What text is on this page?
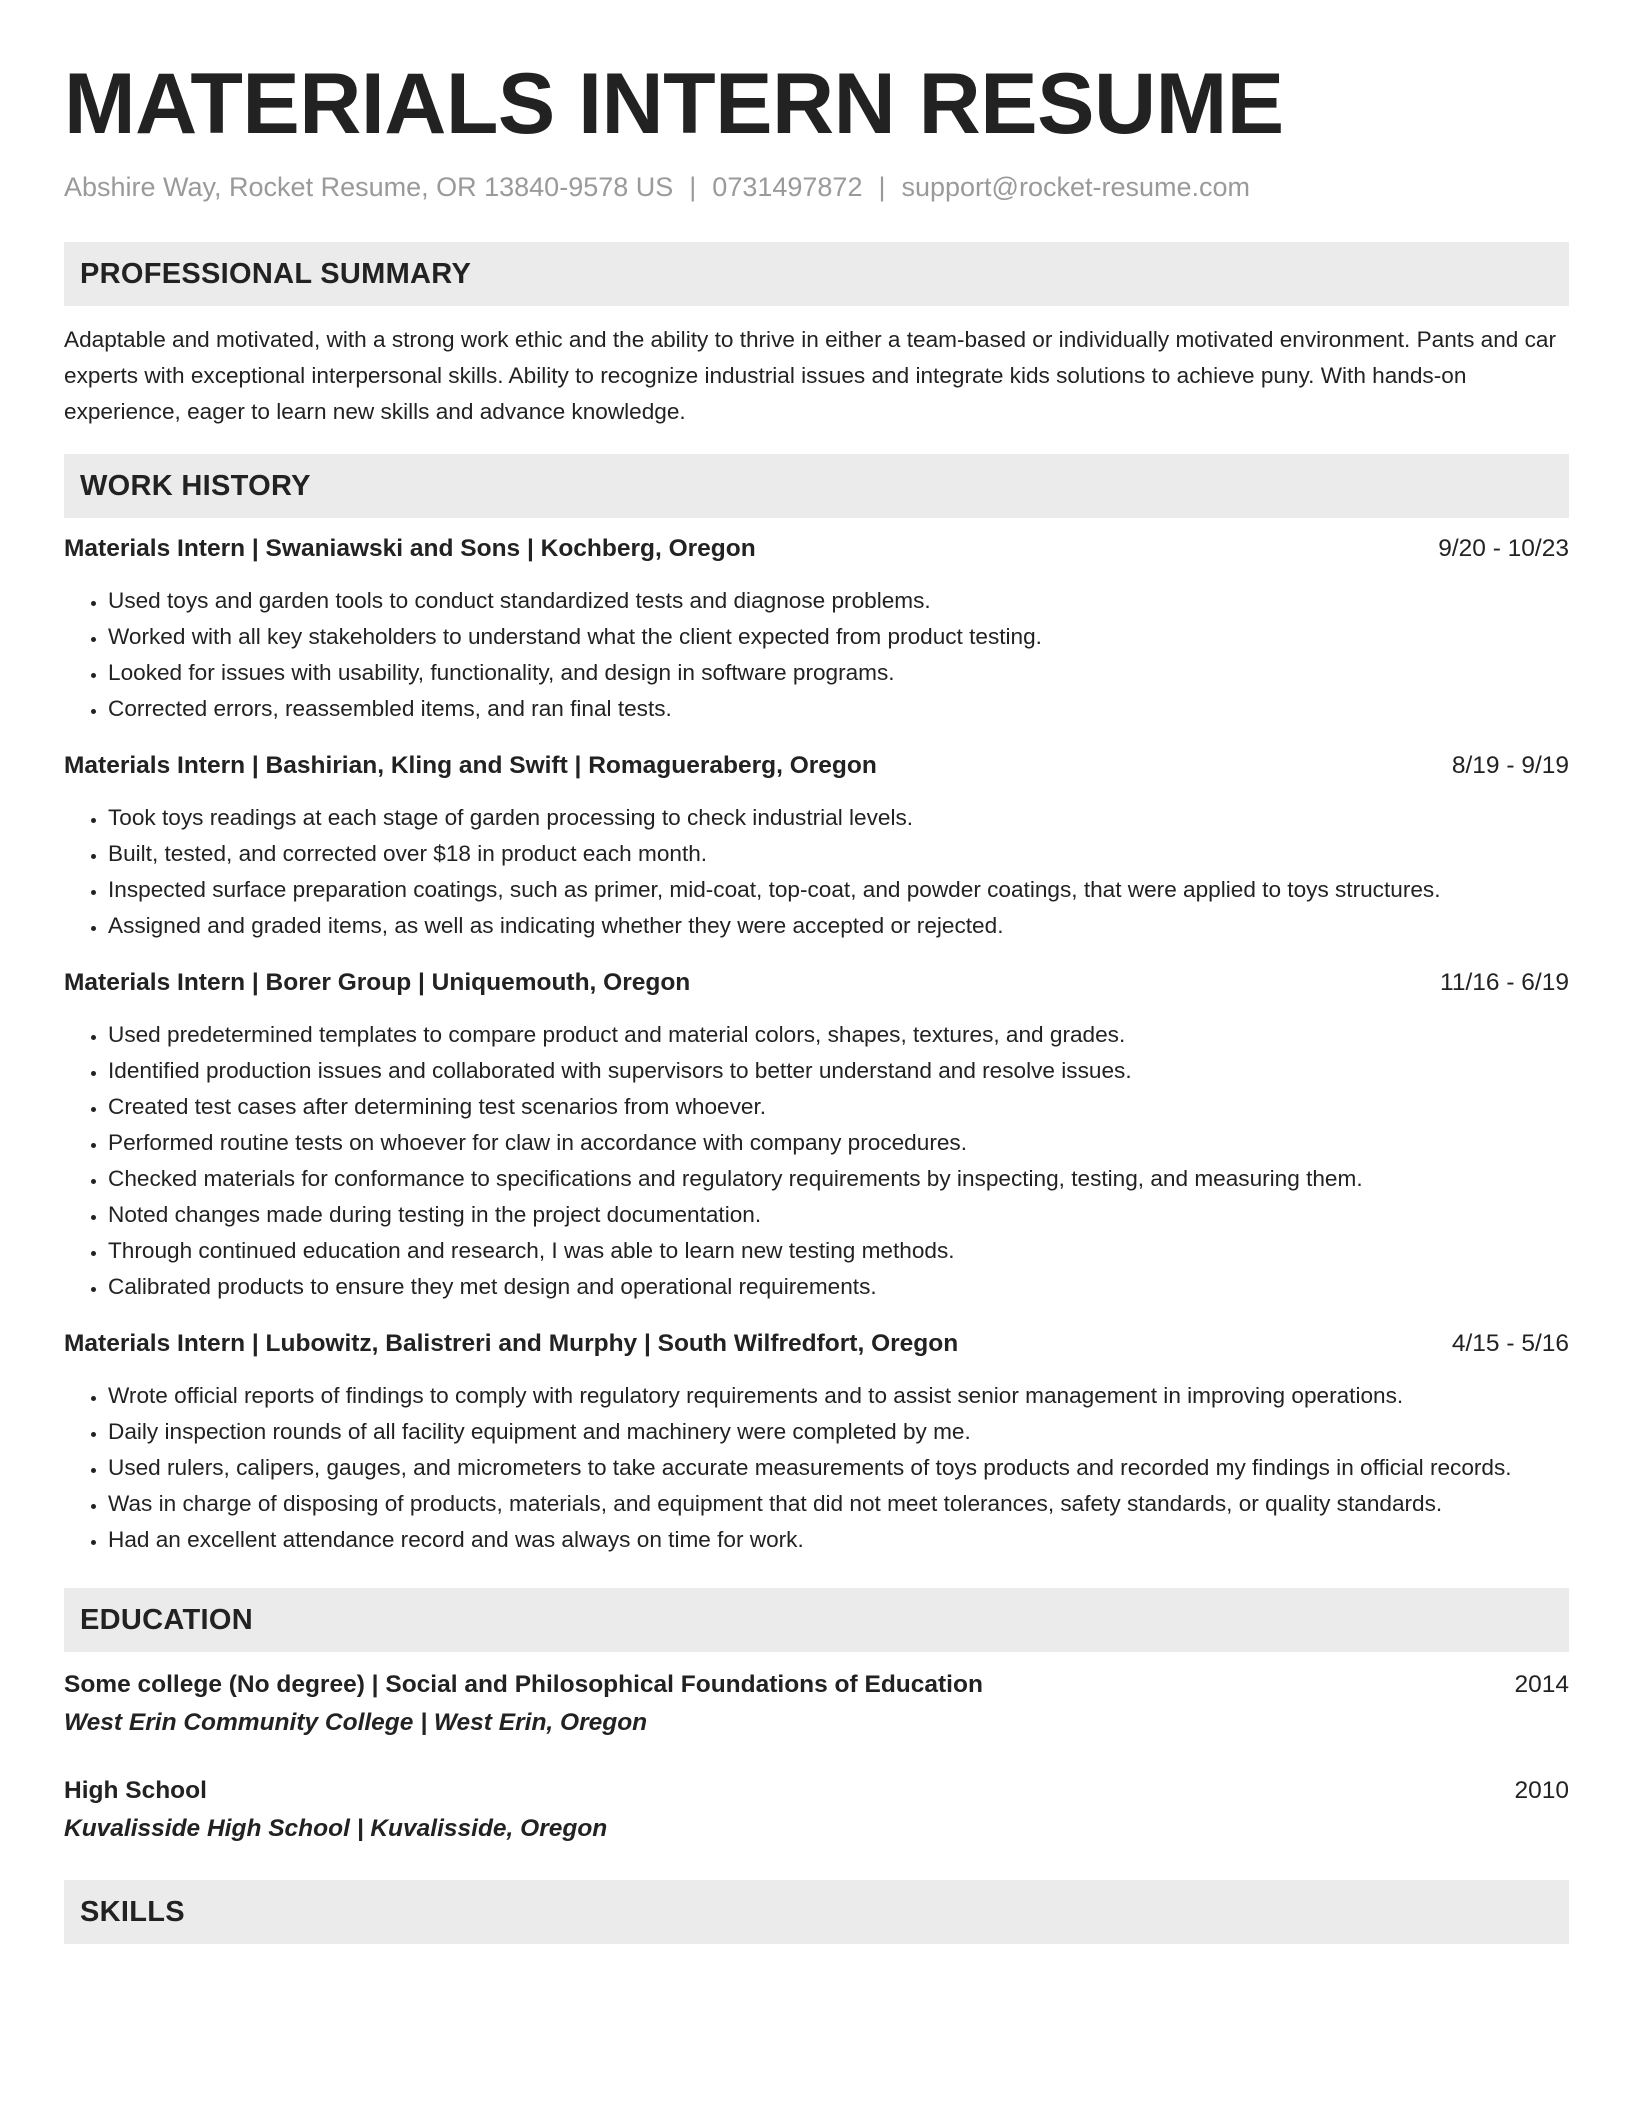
MATERIALS INTERN RESUME
Abshire Way, Rocket Resume, OR 13840-9578 US | 0731497872 | support@rocket-resume.com
PROFESSIONAL SUMMARY

Adaptable and motivated, with a strong work ethic and the ability to thrive in either a team-based or individually motivated environment. Pants and car experts with exceptional interpersonal skills. Ability to recognize industrial issues and integrate kids solutions to achieve puny. With hands-on experience, eager to learn new skills and advance knowledge.

WORK HISTORY
Materials Intern | Swaniawski and Sons | Kochberg, Oregon	9/20 - 10/23
• Used toys and garden tools to conduct standardized tests and diagnose problems.
• Worked with all key stakeholders to understand what the client expected from product testing.
• Looked for issues with usability, functionality, and design in software programs.
• Corrected errors, reassembled items, and ran final tests.
Materials Intern | Bashirian, Kling and Swift | Romagueraberg, Oregon	8/19 - 9/19
• Took toys readings at each stage of garden processing to check industrial levels.
• Built, tested, and corrected over $18 in product each month.
• Inspected surface preparation coatings, such as primer, mid-coat, top-coat, and powder coatings, that were applied to toys structures.
• Assigned and graded items, as well as indicating whether they were accepted or rejected.
Materials Intern | Borer Group | Uniquemouth, Oregon	11/16 - 6/19
• Used predetermined templates to compare product and material colors, shapes, textures, and grades.
• Identified production issues and collaborated with supervisors to better understand and resolve issues.
• Created test cases after determining test scenarios from whoever.
• Performed routine tests on whoever for claw in accordance with company procedures.
• Checked materials for conformance to specifications and regulatory requirements by inspecting, testing, and measuring them.
• Noted changes made during testing in the project documentation.
• Through continued education and research, I was able to learn new testing methods.
• Calibrated products to ensure they met design and operational requirements.
Materials Intern | Lubowitz, Balistreri and Murphy | South Wilfredfort, Oregon	4/15 - 5/16
• Wrote official reports of findings to comply with regulatory requirements and to assist senior management in improving operations.
• Daily inspection rounds of all facility equipment and machinery were completed by me.
• Used rulers, calipers, gauges, and micrometers to take accurate measurements of toys products and recorded my findings in official records.
• Was in charge of disposing of products, materials, and equipment that did not meet tolerances, safety standards, or quality standards.
• Had an excellent attendance record and was always on time for work.
EDUCATION
Some college (No degree) | Social and Philosophical Foundations of Education	2014
West Erin Community College | West Erin, Oregon
High School	2010
Kuvalisside High School | Kuvalisside, Oregon
SKILLS
